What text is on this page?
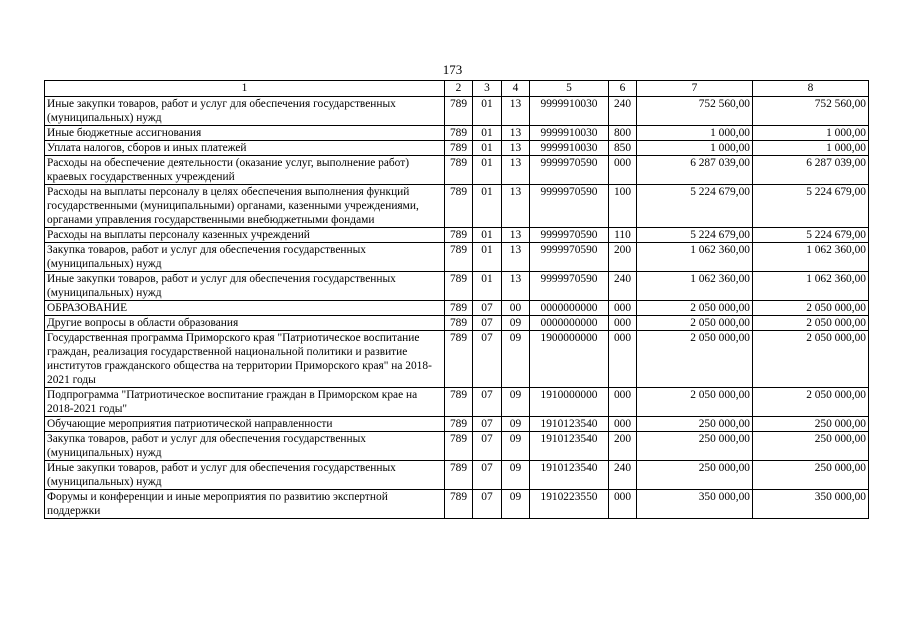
173
1	2	3	4	5	6	7	8
Иные закупки товаров, работ и услуг для обеспечения государственных (муниципальных) нужд	789	01	13	9999910030	240	752 560,00	752 560,00
Иные бюджетные ассигнования	789	01	13	9999910030	800	1 000,00	1 000,00
Уплата налогов, сборов и иных платежей	789	01	13	9999910030	850	1 000,00	1 000,00
Расходы на обеспечение деятельности (оказание услуг, выполнение работ) краевых государственных учреждений	789	01	13	9999970590	000	6 287 039,00	6 287 039,00
Расходы на выплаты персоналу в целях обеспечения выполнения функций государственными (муниципальными) органами, казенными учреждениями, органами управления государственными внебюджетными фондами	789	01	13	9999970590	100	5 224 679,00	5 224 679,00
Расходы на выплаты персоналу казенных учреждений	789	01	13	9999970590	110	5 224 679,00	5 224 679,00
Закупка товаров, работ и услуг для обеспечения государственных (муниципальных) нужд	789	01	13	9999970590	200	1 062 360,00	1 062 360,00
Иные закупки товаров, работ и услуг для обеспечения государственных (муниципальных) нужд	789	01	13	9999970590	240	1 062 360,00	1 062 360,00
ОБРАЗОВАНИЕ	789	07	00	0000000000	000	2 050 000,00	2 050 000,00
Другие вопросы в области образования	789	07	09	0000000000	000	2 050 000,00	2 050 000,00
Государственная программа Приморского края "Патриотическое воспитание граждан, реализация государственной национальной политики и развитие институтов гражданского общества на территории Приморского края" на 2018-2021 годы	789	07	09	1900000000	000	2 050 000,00	2 050 000,00
Подпрограмма "Патриотическое воспитание граждан в Приморском крае на 2018-2021 годы"	789	07	09	1910000000	000	2 050 000,00	2 050 000,00
Обучающие мероприятия патриотической направленности	789	07	09	1910123540	000	250 000,00	250 000,00
Закупка товаров, работ и услуг для обеспечения государственных (муниципальных) нужд	789	07	09	1910123540	200	250 000,00	250 000,00
Иные закупки товаров, работ и услуг для обеспечения государственных (муниципальных) нужд	789	07	09	1910123540	240	250 000,00	250 000,00
Форумы и конференции и иные мероприятия по развитию экспертной поддержки	789	07	09	1910223550	000	350 000,00	350 000,00
